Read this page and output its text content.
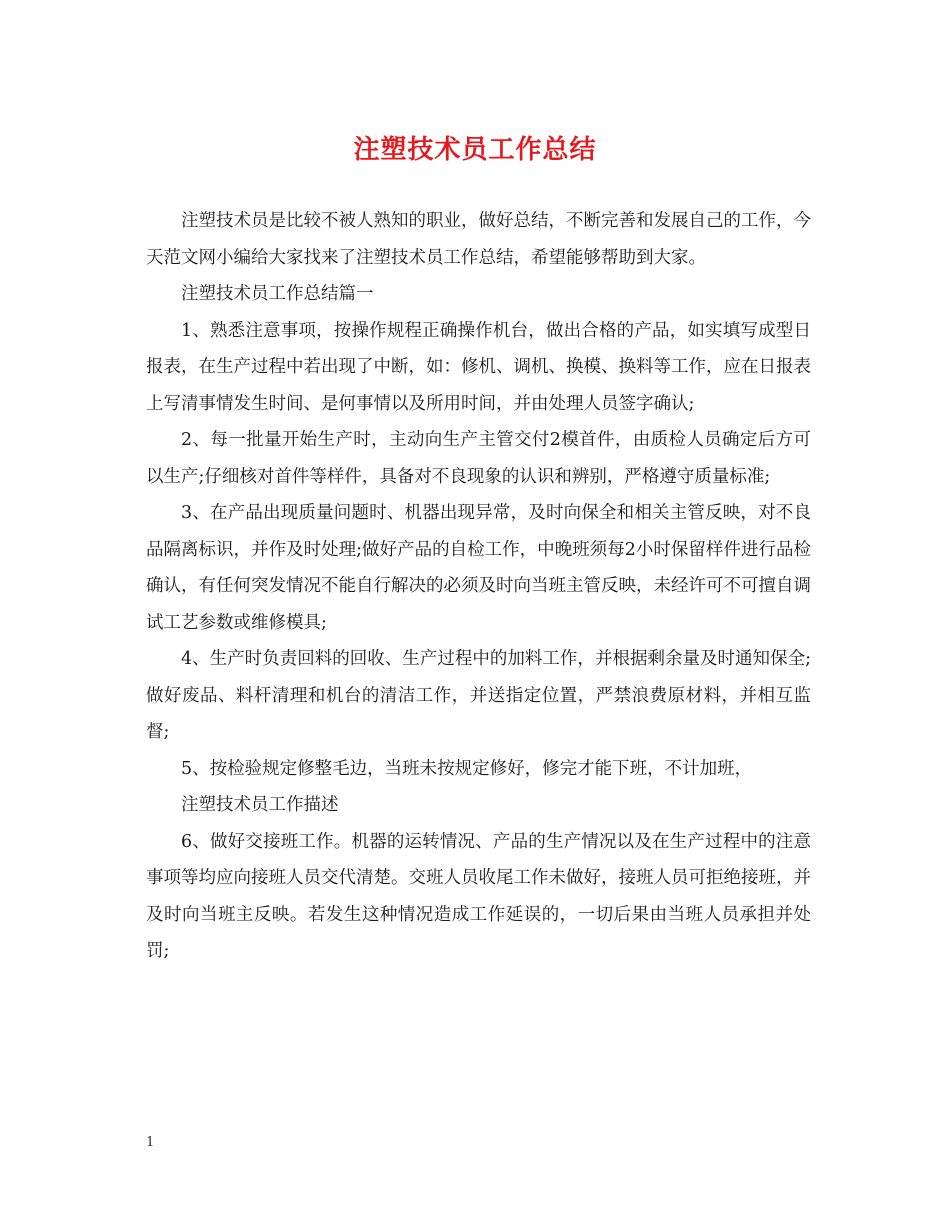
注塑技术员工作总结

注塑技术员是比较不被人熟知的职业，做好总结，不断完善和发展自己的工作，今天范文网小编给大家找来了注塑技术员工作总结，希望能够帮助到大家。

注塑技术员工作总结篇一

1、熟悉注意事项，按操作规程正确操作机台，做出合格的产品，如实填写成型日报表，在生产过程中若出现了中断，如：修机、调机、换模、换料等工作，应在日报表上写清事情发生时间、是何事情以及所用时间，并由处理人员签字确认;

2、每一批量开始生产时，主动向生产主管交付2模首件，由质检人员确定后方可以生产;仔细核对首件等样件，具备对不良现象的认识和辨别，严格遵守质量标准;

3、在产品出现质量问题时、机器出现异常，及时向保全和相关主管反映，对不良品隔离标识，并作及时处理;做好产品的自检工作，中晚班须每2小时保留样件进行品检确认，有任何突发情况不能自行解决的必须及时向当班主管反映，未经许可不可擅自调试工艺参数或维修模具;

4、生产时负责回料的回收、生产过程中的加料工作，并根据剩余量及时通知保全;做好废品、料杆清理和机台的清洁工作，并送指定位置，严禁浪费原材料，并相互监督;

5、按检验规定修整毛边，当班未按规定修好，修完才能下班，不计加班，

注塑技术员工作描述

6、做好交接班工作。机器的运转情况、产品的生产情况以及在生产过程中的注意事项等均应向接班人员交代清楚。交班人员收尾工作未做好，接班人员可拒绝接班，并及时向当班主反映。若发生这种情况造成工作延误的，一切后果由当班人员承担并处罚;

1
